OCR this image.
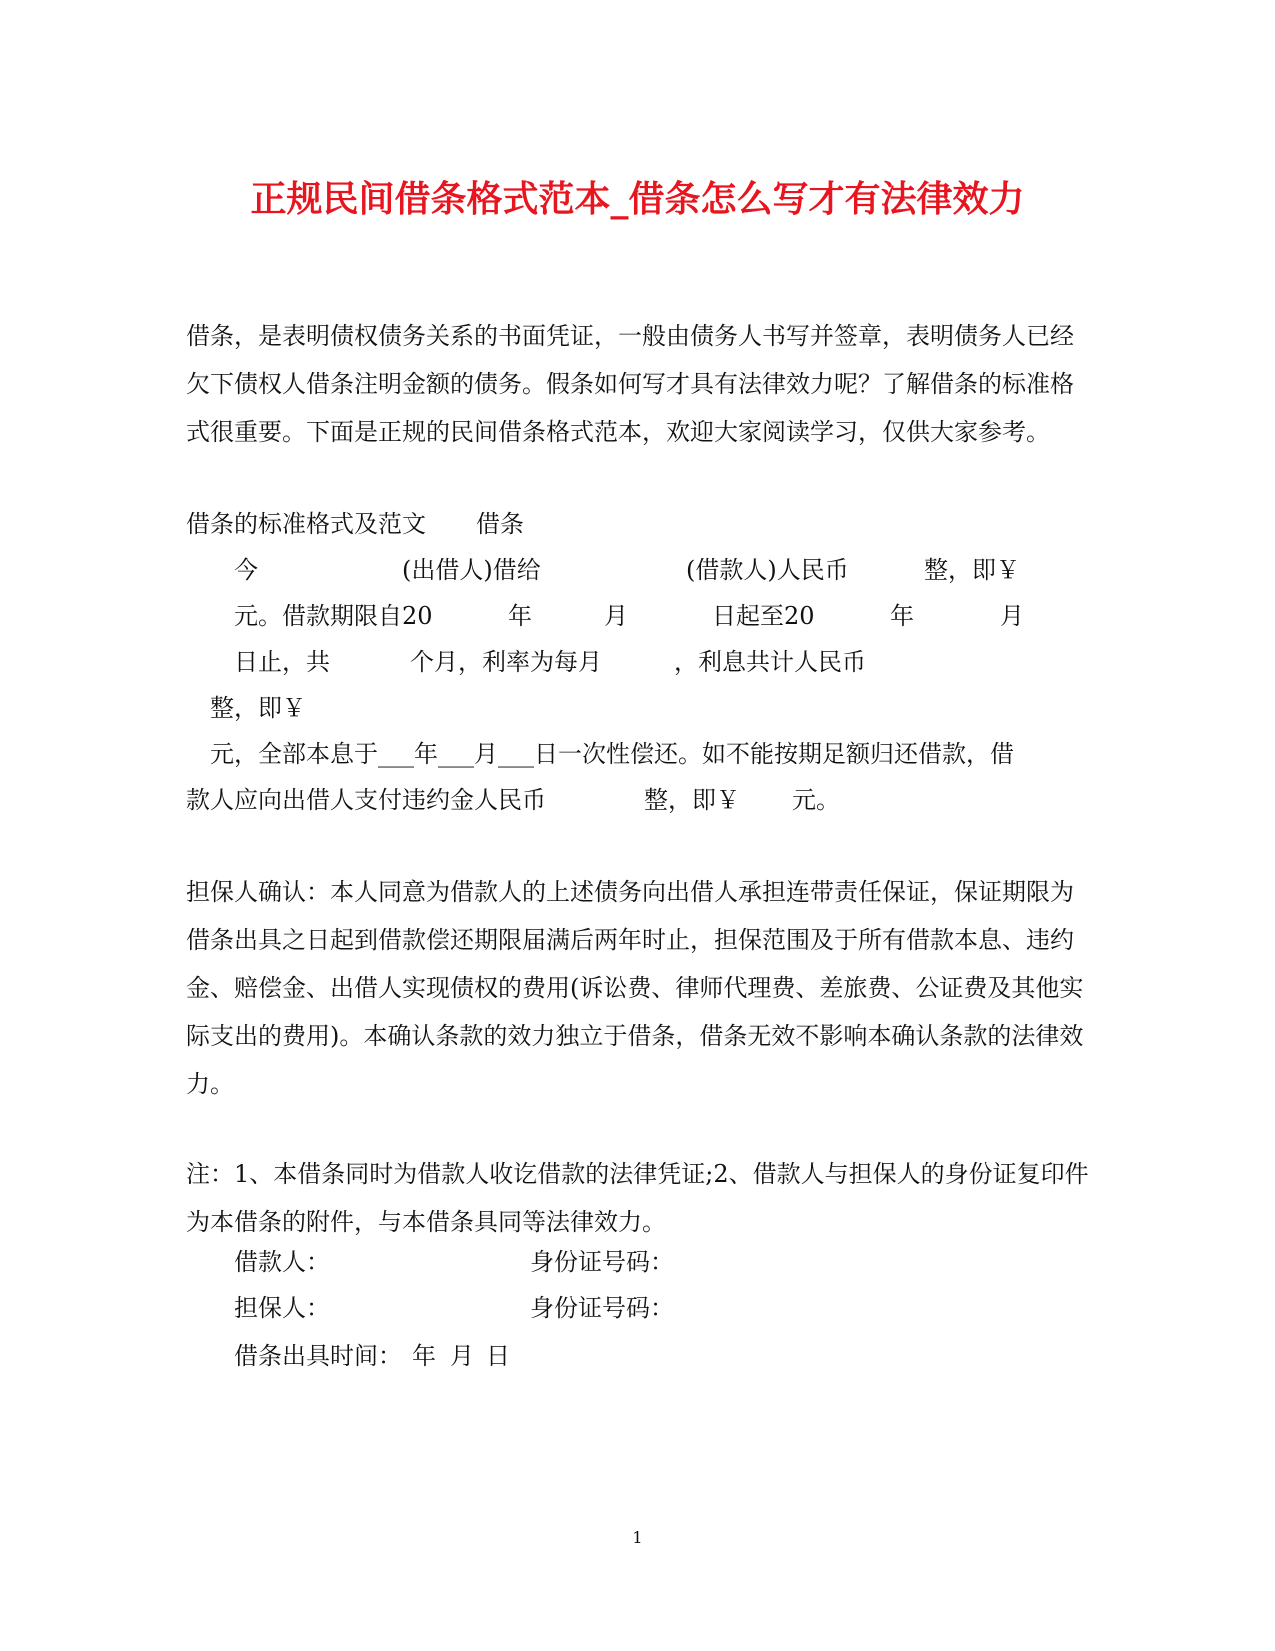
正规民间借条格式范本_借条怎么写才有法律效力

借条，是表明债权债务关系的书面凭证，一般由债务人书写并签章，表明债务人已经欠下债权人借条注明金额的债务。假条如何写才具有法律效力呢？了解借条的标准格式很重要。下面是正规的民间借条格式范本，欢迎大家阅读学习，仅供大家参考。

借条的标准格式及范文 借条
今	(出借人)借给	(借款人)人民币	整，即￥
元。借款期限自20	年	月	日起至20	年	月
日止，共	个月，利率为每月	，利息共计人民币
整，即￥
元，全部本息于___年___月___日一次性偿还。如不能按期足额归还借款，借
款人应向出借人支付违约金人民币	整，即￥ 元。

担保人确认：本人同意为借款人的上述债务向出借人承担连带责任保证，保证期限为借条出具之日起到借款偿还期限届满后两年时止，担保范围及于所有借款本息、违约金、赔偿金、出借人实现债权的费用(诉讼费、律师代理费、差旅费、公证费及其他实际支出的费用)。本确认条款的效力独立于借条，借条无效不影响本确认条款的法律效力。

注：1、本借条同时为借款人收讫借款的法律凭证;2、借款人与担保人的身份证复印件为本借条的附件，与本借条具同等法律效力。

借款人：	身份证号码：
担保人：	身份证号码：
借条出具时间： 年 月 日
1
